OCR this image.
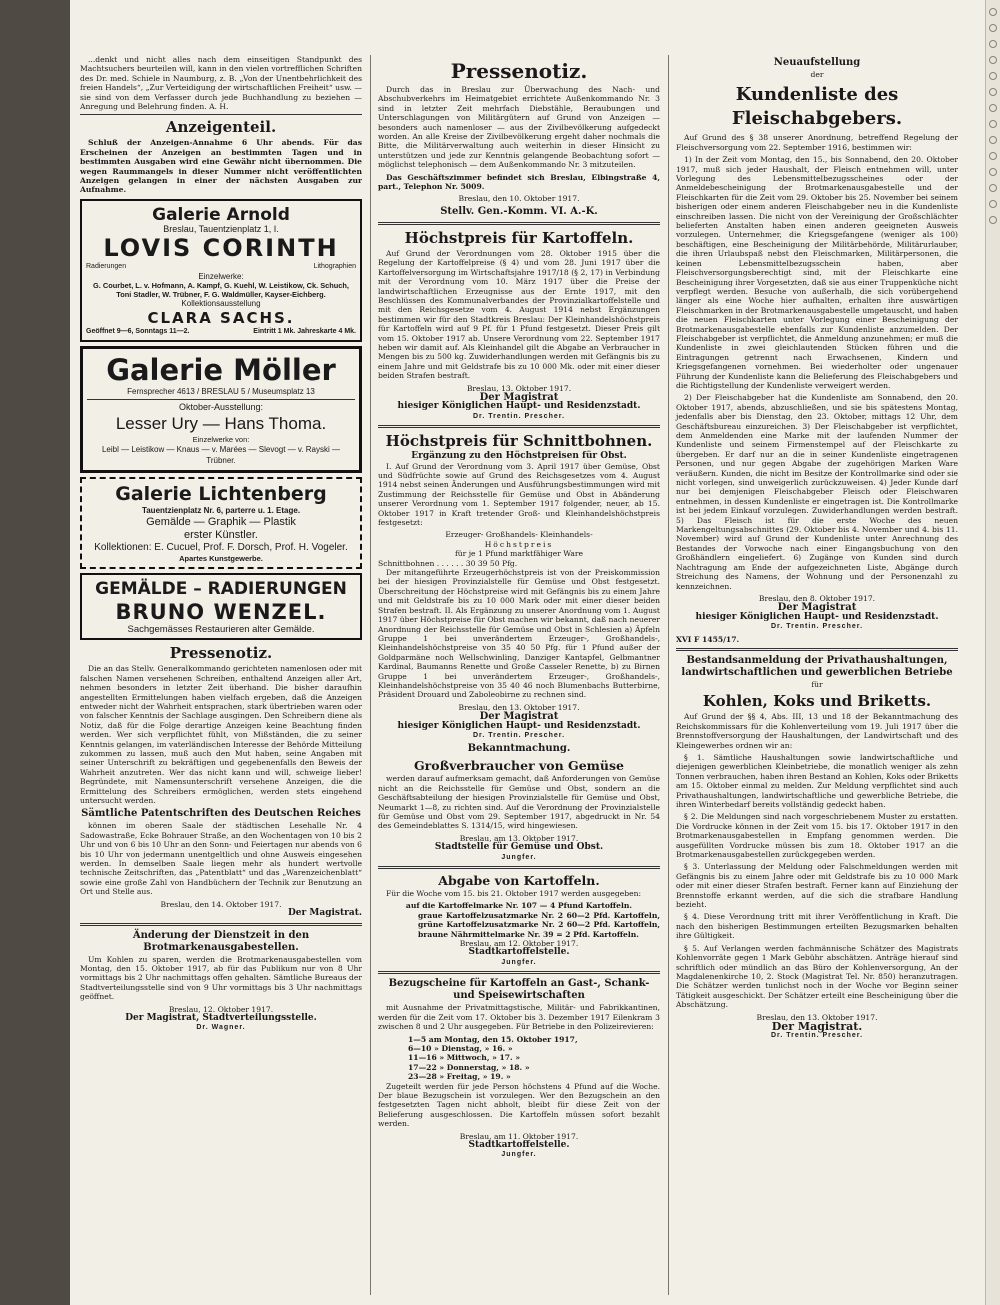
...denkt und nicht alles nach dem einseitigen Standpunkt des Machtsuchers beurteilen will, kann in den vielen vortrefflichen Schriften des Dr. med. Schiele in Naumburg, z. B. „Von der Unentbehrlichkeit des freien Handels“, „Zur Verteidigung der wirtschaftlichen Freiheit“ usw. — sie sind von dem Verfasser durch jede Buchhandlung zu beziehen — Anregung und Belehrung finden. A. H.

Anzeigenteil.

Schluß der Anzeigen-Annahme 6 Uhr abends. Für das Erscheinen der Anzeigen an bestimmten Tagen und in bestimmten Ausgaben wird eine Gewähr nicht übernommen. Die wegen Raummangels in dieser Nummer nicht veröffentlichten Anzeigen gelangen in einer der nächsten Ausgaben zur Aufnahme.

Galerie Arnold
Breslau, Tauentzienplatz 1, I.
LOVIS CORINTH
Radierungen	Lithographien
Einzelwerke:
G. Courbet, L. v. Hofmann, A. Kampf, G. Kuehl, W. Leistikow, Ck. Schuch, Toni Stadler, W. Trübner, F. G. Waldmüller, Kayser-Eichberg.
Kollektionsausstellung
CLARA SACHS.
Geöffnet 9—6, Sonntags 11—2.	Eintritt 1 Mk. Jahreskarte 4 Mk.
Galerie Möller
Fernsprecher 4613 / BRESLAU 5 / Museumsplatz 13
Oktober-Ausstellung:
Lesser Ury — Hans Thoma.
Einzelwerke von:
Leibl — Leistikow — Knaus — v. Marées — Slevogt — v. Rayski — Trübner.
Galerie Lichtenberg
Tauentzienplatz Nr. 6, parterre u. 1. Etage.
Gemälde — Graphik — Plastik
erster Künstler.
Kollektionen: E. Cucuel, Prof. F. Dorsch, Prof. H. Vogeler.
Apartes Kunstgewerbe.
GEMÄLDE – RADIERUNGEN
BRUNO WENZEL.
Sachgemässes Restaurieren alter Gemälde.
Pressenotiz.

Die an das Stellv. Generalkommando gerichteten namenlosen oder mit falschen Namen versehenen Schreiben, enthaltend Anzeigen aller Art, nehmen besonders in letzter Zeit überhand. Die bisher daraufhin angestellten Ermittelungen haben vielfach ergeben, daß die Anzeigen entweder nicht der Wahrheit entsprachen, stark übertrieben waren oder von falscher Kenntnis der Sachlage ausgingen. Den Schreibern diene als Notiz, daß für die Folge derartige Anzeigen keine Beachtung finden werden. Wer sich verpflichtet fühlt, von Mißständen, die zu seiner Kenntnis gelangen, im vaterländischen Interesse der Behörde Mitteilung zukommen zu lassen, muß auch den Mut haben, seine Angaben mit seiner Unterschrift zu bekräftigen und gegebenenfalls den Beweis der Wahrheit anzutreten. Wer das nicht kann und will, schweige lieber! Begründete, mit Namensunterschrift versehene Anzeigen, die die Ermittelung des Schreibers ermöglichen, werden stets eingehend untersucht werden.

Sämtliche Patentschriften des Deutschen Reiches

können im oberen Saale der städtischen Lesehalle Nr. 4 Sadowastraße, Ecke Bohrauer Straße, an den Wochentagen von 10 bis 2 Uhr und von 6 bis 10 Uhr an den Sonn- und Feiertagen nur abends von 6 bis 10 Uhr von jedermann unentgeltlich und ohne Ausweis eingesehen werden. In demselben Saale liegen mehr als hundert wertvolle technische Zeitschriften, das „Patentblatt“ und das „Warenzeichenblatt“ sowie eine große Zahl von Handbüchern der Technik zur Benutzung an Ort und Stelle aus.

Breslau, den 14. Oktober 1917.
Der Magistrat.
Änderung der Dienstzeit in den Brotmarkenausgabestellen.

Um Kohlen zu sparen, werden die Brotmarkenausgabestellen vom Montag, den 15. Oktober 1917, ab für das Publikum nur von 8 Uhr vormittags bis 2 Uhr nachmittags offen gehalten. Sämtliche Bureaus der Stadtverteilungsstelle sind von 9 Uhr vormittags bis 3 Uhr nachmittags geöffnet.

Breslau, 12. Oktober 1917.
Der Magistrat, Stadtverteilungsstelle.
Dr. Wagner.
Pressenotiz.

Durch das in Breslau zur Überwachung des Nach- und Abschubverkehrs im Heimatgebiet errichtete Außenkommando Nr. 3 sind in letzter Zeit mehrfach Diebstähle, Beraubungen und Unterschlagungen von Militärgütern auf Grund von Anzeigen — besonders auch namenloser — aus der Zivilbevölkerung aufgedeckt worden. An alle Kreise der Zivilbevölkerung ergeht daher nochmals die Bitte, die Militärverwaltung auch weiterhin in dieser Hinsicht zu unterstützen und jede zur Kenntnis gelangende Beobachtung sofort — möglichst telephonisch — dem Außenkommando Nr. 3 mitzuteilen.

Das Geschäftszimmer befindet sich Breslau, Elbingstraße 4, part., Telephon Nr. 5009.

Breslau, den 10. Oktober 1917.
Stellv. Gen.-Komm. VI. A.-K.
Höchstpreis für Kartoffeln.

Auf Grund der Verordnungen vom 28. Oktober 1915 über die Regelung der Kartoffelpreise (§ 4) und vom 28. Juni 1917 über die Kartoffelversorgung im Wirtschaftsjahre 1917/18 (§ 2, 17) in Verbindung mit der Verordnung vom 10. März 1917 über die Preise der landwirtschaftlichen Erzeugnisse aus der Ernte 1917, mit den Beschlüssen des Kommunalverbandes der Provinzialkartoffelstelle und mit den Reichsgesetze vom 4. August 1914 nebst Ergänzungen bestimmen wir für den Stadtkreis Breslau: Der Kleinhandelshöchstpreis für Kartoffeln wird auf 9 Pf. für 1 Pfund festgesetzt. Dieser Preis gilt vom 15. Oktober 1917 ab. Unsere Verordnung vom 22. September 1917 heben wir damit auf. Als Kleinhandel gilt die Abgabe an Verbraucher in Mengen bis zu 500 kg. Zuwiderhandlungen werden mit Gefängnis bis zu einem Jahre und mit Geldstrafe bis zu 10 000 Mk. oder mit einer dieser beiden Strafen bestraft.

Breslau, 13. Oktober 1917.
Der Magistrat
hiesiger Königlichen Haupt- und Residenzstadt.
Dr. Trentin. Prescher.
Höchstpreis für Schnittbohnen.
Ergänzung zu den Höchstpreisen für Obst.

I. Auf Grund der Verordnung vom 3. April 1917 über Gemüse, Obst und Südfrüchte sowie auf Grund des Reichsgesetzes vom 4. August 1914 nebst seinen Änderungen und Ausführungsbestimmungen wird mit Zustimmung der Reichsstelle für Gemüse und Obst in Abänderung unserer Verordnung vom 1. September 1917 folgender, neuer, ab 15. Oktober 1917 in Kraft tretender Groß- und Kleinhandelshöchstpreis festgesetzt:

Erzeuger- Großhandels- Kleinhandels-
Höchstpreis
für je 1 Pfund marktfähiger Ware
Schnittbohnen . . . . . . 30 39 50 Pfg.

Der mitangeführte Erzeugerhöchstpreis ist von der Preiskommission bei der hiesigen Provinzialstelle für Gemüse und Obst festgesetzt. Überschreitung der Höchstpreise wird mit Gefängnis bis zu einem Jahre und mit Geldstrafe bis zu 10 000 Mark oder mit einer dieser beiden Strafen bestraft. II. Als Ergänzung zu unserer Anordnung vom 1. August 1917 über Höchstpreise für Obst machen wir bekannt, daß nach neuerer Anordnung der Reichsstelle für Gemüse und Obst in Schlesien a) Äpfeln Gruppe 1 bei unverändertem Erzeuger-, Großhandels-, Kleinhandelshöchstpreise von 35 40 50 Pfg. für 1 Pfund außer der Goldparmäne noch Wellschwinling, Danziger Kantapfel, Gelbmantner Kardinal, Baumanns Renette und Große Casseler Renette, b) zu Birnen Gruppe 1 bei unverändertem Erzeuger-, Großhandels-, Kleinhandelshöchstpreise von 35 40 46 noch Blumenbachs Butterbirne, Präsident Drouard und Zaboleobirne zu rechnen sind.

Breslau, den 13. Oktober 1917.
Der Magistrat
hiesiger Königlichen Haupt- und Residenzstadt.
Dr. Trentin. Prescher.
Bekanntmachung.
Großverbraucher von Gemüse

werden darauf aufmerksam gemacht, daß Anforderungen von Gemüse nicht an die Reichsstelle für Gemüse und Obst, sondern an die Geschäftsabteilung der hiesigen Provinzialstelle für Gemüse und Obst, Neumarkt 1—8, zu richten sind. Auf die Verordnung der Provinzialstelle für Gemüse und Obst vom 29. September 1917, abgedruckt in Nr. 54 des Gemeindeblattes S. 1314/15, wird hingewiesen.

Breslau, am 13. Oktober 1917.
Stadtstelle für Gemüse und Obst.
Jungfer.
Abgabe von Kartoffeln.

Für die Woche vom 15. bis 21. Oktober 1917 werden ausgegeben:

auf die Kartoffelmarke Nr. 107 — 4 Pfund Kartoffeln.
graue Kartoffelzusatzmarke Nr. 2 60—2 Pfd. Kartoffeln, grüne Kartoffelzusatzmarke Nr. 2 60—2 Pfd. Kartoffeln, braune Nährmittelmarke Nr. 39 = 2 Pfd. Kartoffeln.
Breslau, am 12. Oktober 1917.
Stadtkartoffelstelle.
Jungfer.
Bezugscheine für Kartoffeln an Gast-, Schank- und Speisewirtschaften

mit Ausnahme der Privatmittagstische, Militär- und Fabrikkantinen, werden für die Zeit vom 17. Oktober bis 3. Dezember 1917 Eilenkram 3 zwischen 8 und 2 Uhr ausgegeben. Für Betriebe in den Polizeirevieren:

1—5 am Montag, den 15. Oktober 1917,
6—10 » Dienstag, » 16. »
11—16 » Mittwoch, » 17. »
17—22 » Donnerstag, » 18. »
23—28 » Freitag, » 19. »

Zugeteilt werden für jede Person höchstens 4 Pfund auf die Woche. Der blaue Bezugschein ist vorzulegen. Wer den Bezugschein an den festgesetzten Tagen nicht abholt, bleibt für diese Zeit von der Belieferung ausgeschlossen. Die Kartoffeln müssen sofort bezahlt werden.

Breslau, am 11. Oktober 1917.
Stadtkartoffelstelle.
Jungfer.
Neuaufstellung
der
Kundenliste des Fleischabgebers.

Auf Grund des § 38 unserer Anordnung, betreffend Regelung der Fleischversorgung vom 22. September 1916, bestimmen wir:

1) In der Zeit vom Montag, den 15., bis Sonnabend, den 20. Oktober 1917, muß sich jeder Haushalt, der Fleisch entnehmen will, unter Vorlegung des Lebensmittelbezugsscheines oder der Anmeldebescheinigung der Brotmarkenausgabestelle und der Fleischkarten für die Zeit vom 29. Oktober bis 25. November bei seinem bisherigen oder einem anderen Fleischabgeber neu in die Kundenliste einschreiben lassen. Die nicht von der Vereinigung der Großschlächter belieferten Anstalten haben einen anderen geeigneten Ausweis vorzulegen. Unternehmer, die Kriegsgefangene (weniger als 100) beschäftigen, eine Bescheinigung der Militärbehörde, Militärurlauber, die ihren Urlaubspaß nebst den Fleischmarken, Militärpersonen, die keinen Lebensmittelbezugsschein haben, aber Fleischversorgungsberechtigt sind, mit der Fleischkarte eine Bescheinigung ihrer Vorgesetzten, daß sie aus einer Truppenküche nicht verpflegt werden. Besuche von außerhalb, die sich vorübergehend länger als eine Woche hier aufhalten, erhalten ihre auswärtigen Fleischmarken in der Brotmarkenausgabestelle umgetauscht, und haben die neuen Fleischkarten unter Vorlegung einer Bescheinigung der Brotmarkenausgabestelle ebenfalls zur Kundenliste anzumelden. Der Fleischabgeber ist verpflichtet, die Anmeldung anzunehmen; er muß die Kundenliste in zwei gleichlautenden Stücken führen und die Eintragungen getrennt nach Erwachsenen, Kindern und Kriegsgefangenen vornehmen. Bei wiederholter oder ungenauer Führung der Kundenliste kann die Belieferung des Fleischabgebers und die Richtigstellung der Kundenliste verweigert werden.

2) Der Fleischabgeber hat die Kundenliste am Sonnabend, den 20. Oktober 1917, abends, abzuschließen, und sie bis spätestens Montag, jedenfalls aber bis Dienstag, den 23. Oktober, mittags 12 Uhr, dem Geschäftsbureau einzureichen. 3) Der Fleischabgeber ist verpflichtet, dem Anmeldenden eine Marke mit der laufenden Nummer der Kundenliste und seinem Firmenstempel auf der Fleischkarte zu übergeben. Er darf nur an die in seiner Kundenliste eingetragenen Personen, und nur gegen Abgabe der zugehörigen Marken Ware veräußern. Kunden, die nicht im Besitze der Kontrollmarke sind oder sie nicht vorlegen, sind unweigerlich zurückzuweisen. 4) Jeder Kunde darf nur bei demjenigen Fleischabgeber Fleisch oder Fleischwaren entnehmen, in dessen Kundenliste er eingetragen ist. Die Kontrollmarke ist bei jedem Einkauf vorzulegen. Zuwiderhandlungen werden bestraft. 5) Das Fleisch ist für die erste Woche des neuen Markengeltungsabschnittes (29. Oktober bis 4. November und 4. bis 11. November) wird auf Grund der Kundenliste unter Anrechnung des Bestandes der Vorwoche nach einer Eingangsbuchung von den Großhändlern eingeliefert. 6) Zugänge von Kunden sind durch Nachtragung am Ende der aufgezeichneten Liste, Abgänge durch Streichung des Namens, der Wohnung und der Personenzahl zu kennzeichnen.

Breslau, den 8. Oktober 1917.
Der Magistrat
hiesiger Königlichen Haupt- und Residenzstadt.
Dr. Trentin. Prescher.
XVI F 1455/17.
Bestandsanmeldung der Privathaushaltungen, landwirtschaftlichen und gewerblichen Betriebe
für
Kohlen, Koks und Briketts.

Auf Grund der §§ 4, Abs. III, 13 und 18 der Bekanntmachung des Reichskommissars für die Kohlenverteilung vom 19. Juli 1917 über die Brennstoffversorgung der Haushaltungen, der Landwirtschaft und des Kleingewerbes ordnen wir an:

§ 1. Sämtliche Haushaltungen sowie landwirtschaftliche und diejenigen gewerblichen Kleinbetriebe, die monatlich weniger als zehn Tonnen verbrauchen, haben ihren Bestand an Kohlen, Koks oder Briketts am 15. Oktober einmal zu melden. Zur Meldung verpflichtet sind auch Privathaushaltungen, landwirtschaftliche und gewerbliche Betriebe, die ihren Winterbedarf bereits vollständig gedeckt haben.

§ 2. Die Meldungen sind nach vorgeschriebenem Muster zu erstatten. Die Vordrucke können in der Zeit vom 15. bis 17. Oktober 1917 in den Brotmarkenausgabestellen in Empfang genommen werden. Die ausgefüllten Vordrucke müssen bis zum 18. Oktober 1917 an die Brotmarkenausgabestellen zurückgegeben werden.

§ 3. Unterlassung der Meldung oder Falschmeldungen werden mit Gefängnis bis zu einem Jahre oder mit Geldstrafe bis zu 10 000 Mark oder mit einer dieser Strafen bestraft. Ferner kann auf Einziehung der Brennstoffe erkannt werden, auf die sich die strafbare Handlung bezieht.

§ 4. Diese Verordnung tritt mit ihrer Veröffentlichung in Kraft. Die nach den bisherigen Bestimmungen erteilten Bezugsmarken behalten ihre Gültigkeit.

§ 5. Auf Verlangen werden fachmännische Schätzer des Magistrats Kohlenvorräte gegen 1 Mark Gebühr abschätzen. Anträge hierauf sind schriftlich oder mündlich an das Büro der Kohlenversorgung, An der Magdalenenkirche 10, 2. Stock (Magistrat Tel. Nr. 850) heranzutragen. Die Schätzer werden tunlichst noch in der Woche vor Beginn seiner Tätigkeit ausgeschickt. Der Schätzer erteilt eine Bescheinigung über die Abschätzung.

Breslau, den 13. Oktober 1917.
Der Magistrat.
Dr. Trentin. Prescher.
